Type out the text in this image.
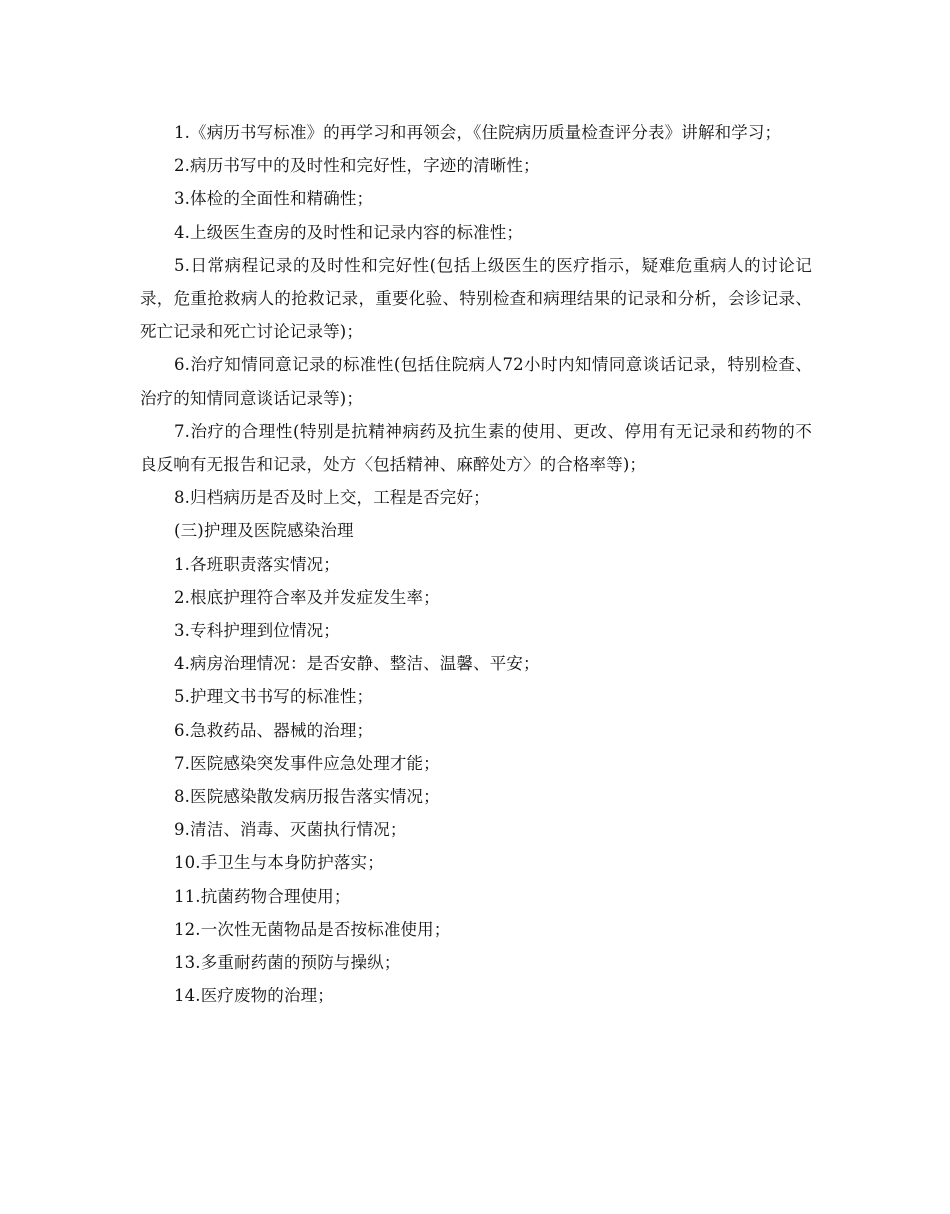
1.《病历书写标准》的再学习和再领会，《住院病历质量检查评分表》讲解和学习；

2.病历书写中的及时性和完好性，字迹的清晰性；

3.体检的全面性和精确性；

4.上级医生查房的及时性和记录内容的标准性；

5.日常病程记录的及时性和完好性(包括上级医生的医疗指示，疑难危重病人的讨论记录，危重抢救病人的抢救记录，重要化验、特别检查和病理结果的记录和分析，会诊记录、死亡记录和死亡讨论记录等)；

6.治疗知情同意记录的标准性(包括住院病人72小时内知情同意谈话记录，特别检查、治疗的知情同意谈话记录等)；

7.治疗的合理性(特别是抗精神病药及抗生素的使用、更改、停用有无记录和药物的不良反响有无报告和记录，处方〈包括精神、麻醉处方〉的合格率等)；

8.归档病历是否及时上交，工程是否完好；

(三)护理及医院感染治理

1.各班职责落实情况；

2.根底护理符合率及并发症发生率；

3.专科护理到位情况；

4.病房治理情况：是否安静、整洁、温馨、平安；

5.护理文书书写的标准性；

6.急救药品、器械的治理；

7.医院感染突发事件应急处理才能；

8.医院感染散发病历报告落实情况；

9.清洁、消毒、灭菌执行情况；

10.手卫生与本身防护落实；

11.抗菌药物合理使用；

12.一次性无菌物品是否按标准使用；

13.多重耐药菌的预防与操纵；

14.医疗废物的治理；
